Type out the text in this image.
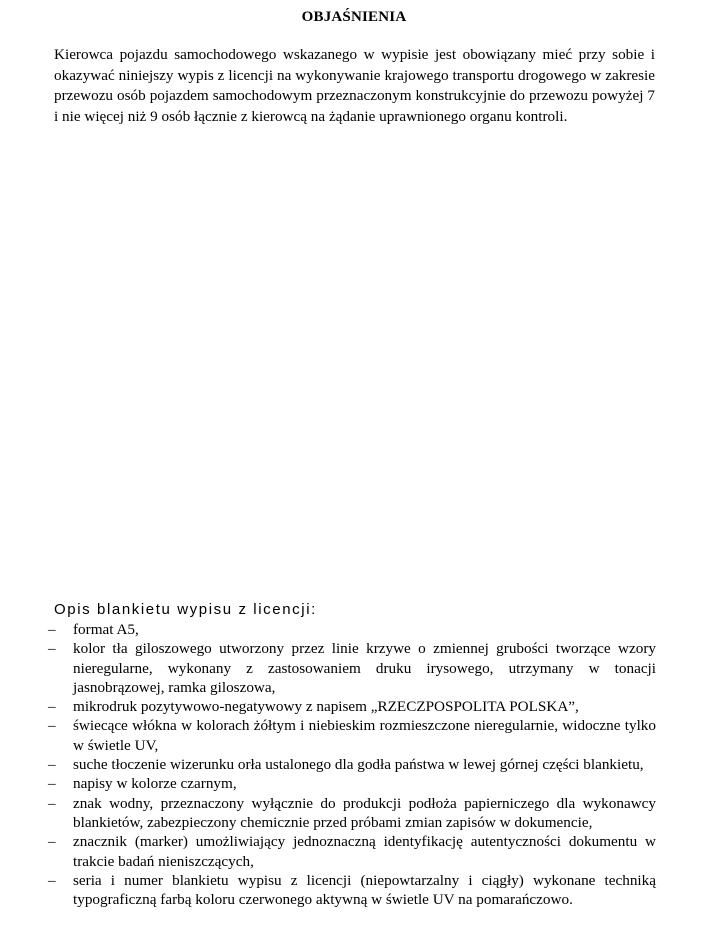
OBJAŚNIENIA

Kierowca pojazdu samochodowego wskazanego w wypisie jest obowiązany mieć przy sobie i okazywać niniejszy wypis z licencji na wykonywanie krajowego transportu drogowego w zakresie przewozu osób pojazdem samochodowym przeznaczonym konstrukcyjnie do przewozu powyżej 7 i nie więcej niż 9 osób łącznie z kierowcą na żądanie uprawnionego organu kontroli.

Opis blankietu wypisu z licencji:
–	format A5,
–	kolor tła giloszowego utworzony przez linie krzywe o zmiennej grubości tworzące wzory nieregularne, wykonany z zastosowaniem druku irysowego, utrzymany w tonacji jasnobrązowej, ramka giloszowa,
–	mikrodruk pozytywowo-negatywowy z napisem „RZECZPOSPOLITA POLSKA”,
–	świecące włókna w kolorach żółtym i niebieskim rozmieszczone nieregularnie, widoczne tylko w świetle UV,
–	suche tłoczenie wizerunku orła ustalonego dla godła państwa w lewej górnej części blankietu,
–	napisy w kolorze czarnym,
–	znak wodny, przeznaczony wyłącznie do produkcji podłoża papierniczego dla wykonawcy blankietów, zabezpieczony chemicznie przed próbami zmian zapisów w dokumencie,
–	znacznik (marker) umożliwiający jednoznaczną identyfikację autentyczności dokumentu w trakcie badań nieniszczących,
–	seria i numer blankietu wypisu z licencji (niepowtarzalny i ciągły) wykonane techniką typograficzną farbą koloru czerwonego aktywną w świetle UV na pomarańczowo.
